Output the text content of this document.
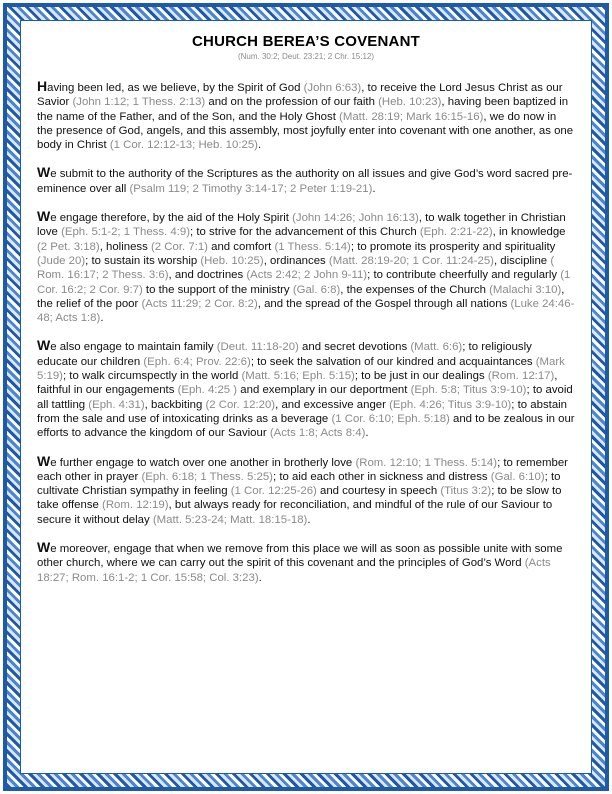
CHURCH BEREA’S COVENANT
(Num. 30:2; Deut. 23:21; 2 Chr. 15:12)

Having been led, as we believe, by the Spirit of God (John 6:63), to receive the Lord Jesus Christ as our Savior (John 1:12; 1 Thess. 2:13) and on the profession of our faith (Heb. 10:23), having been baptized in the name of the Father, and of the Son, and the Holy Ghost (Matt. 28:19; Mark 16:15-16), we do now in the presence of God, angels, and this assembly, most joyfully enter into covenant with one another, as one body in Christ (1 Cor. 12:12-13; Heb. 10:25).

We submit to the authority of the Scriptures as the authority on all issues and give God’s word sacred pre-eminence over all (Psalm 119; 2 Timothy 3:14-17; 2 Peter 1:19-21).

We engage therefore, by the aid of the Holy Spirit (John 14:26; John 16:13), to walk together in Christian love (Eph. 5:1-2; 1 Thess. 4:9); to strive for the advancement of this Church (Eph. 2:21-22), in knowledge (2 Pet. 3:18), holiness (2 Cor. 7:1) and comfort (1 Thess. 5:14); to promote its prosperity and spirituality (Jude 20); to sustain its worship (Heb. 10:25), ordinances (Matt. 28:19-20; 1 Cor. 11:24-25), discipline ( Rom. 16:17; 2 Thess. 3:6), and doctrines (Acts 2:42; 2 John 9-11); to contribute cheerfully and regularly (1 Cor. 16:2; 2 Cor. 9:7) to the support of the ministry (Gal. 6:8), the expenses of the Church (Malachi 3:10), the relief of the poor (Acts 11:29; 2 Cor. 8:2), and the spread of the Gospel through all nations (Luke 24:46-48; Acts 1:8).

We also engage to maintain family (Deut. 11:18-20) and secret devotions (Matt. 6:6); to religiously educate our children (Eph. 6:4; Prov. 22:6); to seek the salvation of our kindred and acquaintances (Mark 5:19); to walk circumspectly in the world (Matt. 5:16; Eph. 5:15); to be just in our dealings (Rom. 12:17), faithful in our engagements (Eph. 4:25 ) and exemplary in our deportment (Eph. 5:8; Titus 3:9-10); to avoid all tattling (Eph. 4:31), backbiting (2 Cor. 12:20), and excessive anger (Eph. 4:26; Titus 3:9-10); to abstain from the sale and use of intoxicating drinks as a beverage (1 Cor. 6:10; Eph. 5:18) and to be zealous in our efforts to advance the kingdom of our Saviour (Acts 1:8; Acts 8:4).

We further engage to watch over one another in brotherly love (Rom. 12:10; 1 Thess. 5:14); to remember each other in prayer (Eph. 6:18; 1 Thess. 5:25); to aid each other in sickness and distress (Gal. 6:10); to cultivate Christian sympathy in feeling (1 Cor. 12:25-26) and courtesy in speech (Titus 3:2); to be slow to take offense (Rom. 12:19), but always ready for reconciliation, and mindful of the rule of our Saviour to secure it without delay (Matt. 5:23-24; Matt. 18:15-18).

We moreover, engage that when we remove from this place we will as soon as possible unite with some other church, where we can carry out the spirit of this covenant and the principles of God’s Word (Acts 18:27; Rom. 16:1-2; 1 Cor. 15:58; Col. 3:23).
